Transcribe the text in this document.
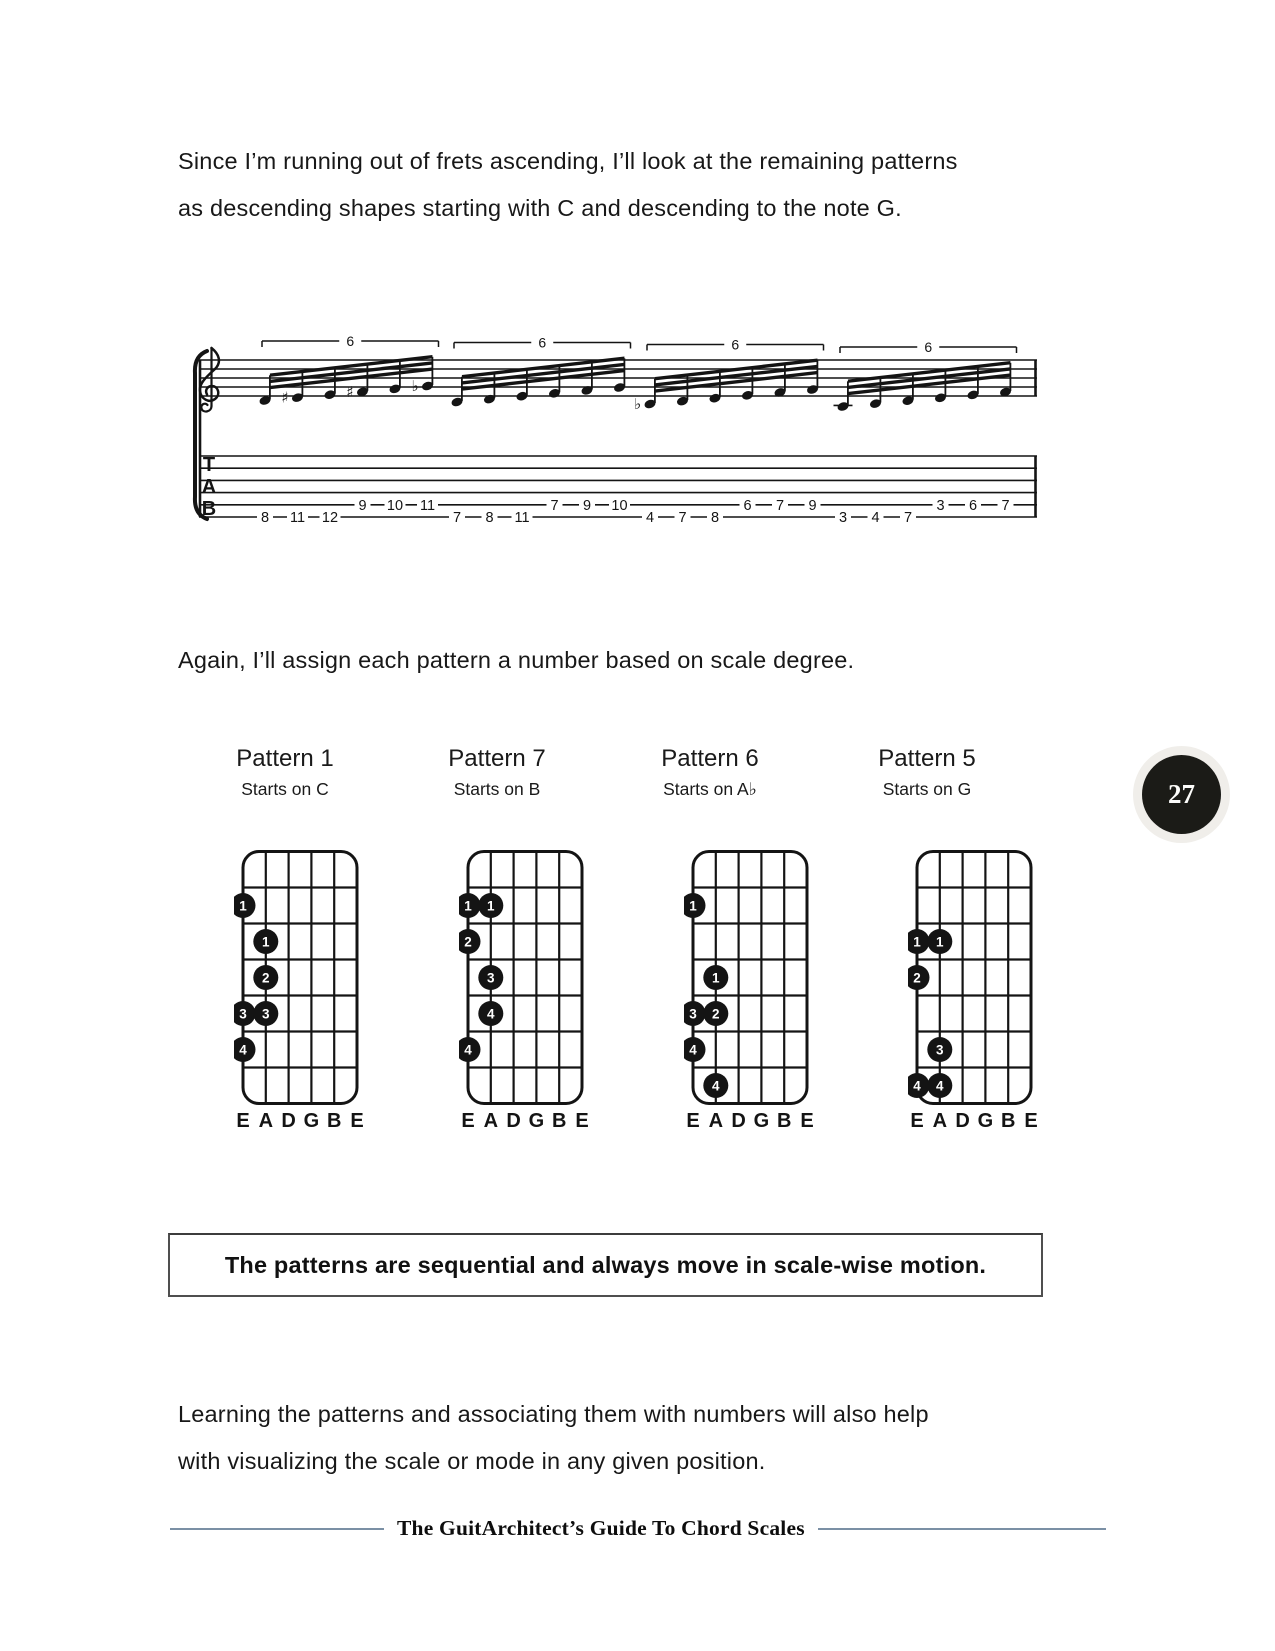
Since I’m running out of frets ascending, I’ll look at the remaining patterns
as descending shapes starting with C and descending to the note G.

T
A
B
♯	♯	♭
6
8 11 12
9 10 11
6
7 8 11
7 9 10
♭
6
4 7 8
6 7 9
6
3 4 7
3 6 7

Again, I’ll assign each pattern a number based on scale degree.

Pattern 1
Starts on C
1
1
2
3 3
4
E A D G B E
Pattern 7
Starts on B
1 1
2
3
4
4
E A D G B E
Pattern 6
Starts on A♭
1
1
3 2
4
4
E A D G B E
Pattern 5
Starts on G
1 1
2
3
4 4
E A D G B E
27
The patterns are sequential and always move in scale-wise motion.

Learning the patterns and associating them with numbers will also help
with visualizing the scale or mode in any given position.

The GuitArchitect’s Guide To Chord Scales
